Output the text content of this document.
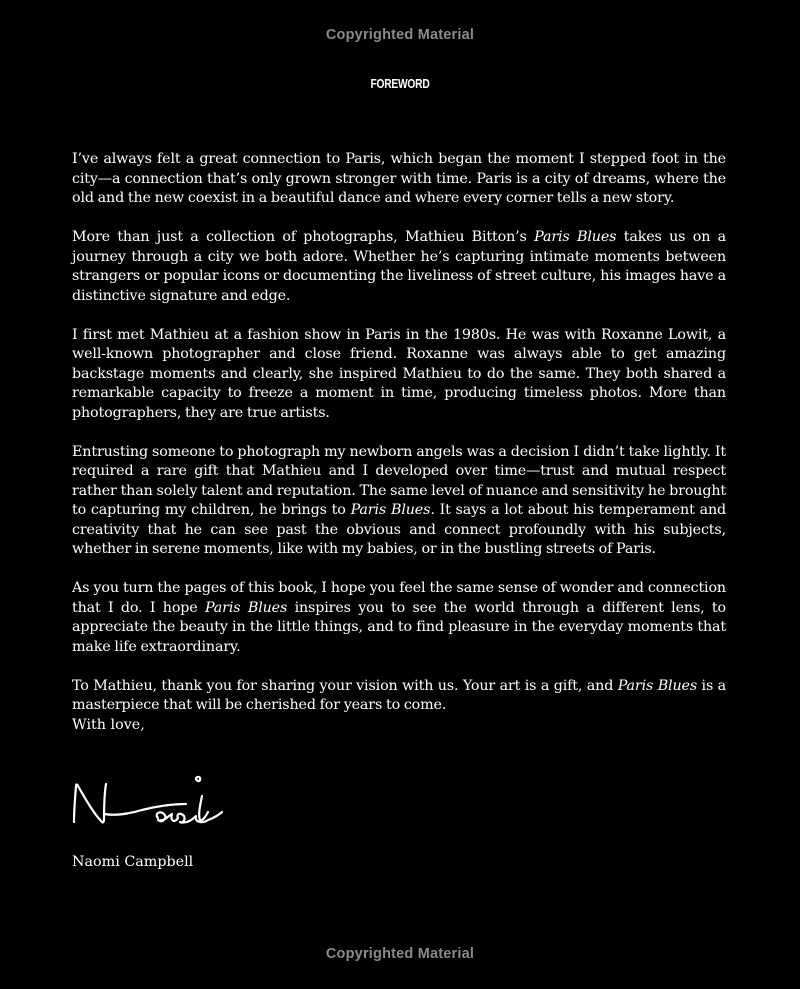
Copyrighted Material
FOREWORD

I’ve always felt a great connection to Paris, which began the moment I stepped foot in the city—a connection that’s only grown stronger with time. Paris is a city of dreams, where the old and the new coexist in a beautiful dance and where every corner tells a new story.

More than just a collection of photographs, Mathieu Bitton’s Paris Blues takes us on a journey through a city we both adore. Whether he’s capturing intimate moments between strangers or popular icons or documenting the liveliness of street culture, his images have a distinctive signature and edge.

I first met Mathieu at a fashion show in Paris in the 1980s. He was with Roxanne Lowit, a well-known photographer and close friend. Roxanne was always able to get amazing backstage moments and clearly, she inspired Mathieu to do the same. They both shared a remarkable capacity to freeze a moment in time, producing timeless photos. More than photographers, they are true artists.

Entrusting someone to photograph my newborn angels was a decision I didn’t take lightly. It required a rare gift that Mathieu and I developed over time—trust and mutual respect rather than solely talent and reputation. The same level of nuance and sensitivity he brought to capturing my children, he brings to Paris Blues. It says a lot about his temperament and creativity that he can see past the obvious and connect profoundly with his subjects, whether in serene moments, like with my babies, or in the bustling streets of Paris.

As you turn the pages of this book, I hope you feel the same sense of wonder and connection that I do. I hope Paris Blues inspires you to see the world through a different lens, to appreciate the beauty in the little things, and to find pleasure in the everyday moments that make life extraordinary.

To Mathieu, thank you for sharing your vision with us. Your art is a gift, and Paris Blues is a masterpiece that will be cherished for years to come.

With love,
Naomi Campbell
Copyrighted Material
